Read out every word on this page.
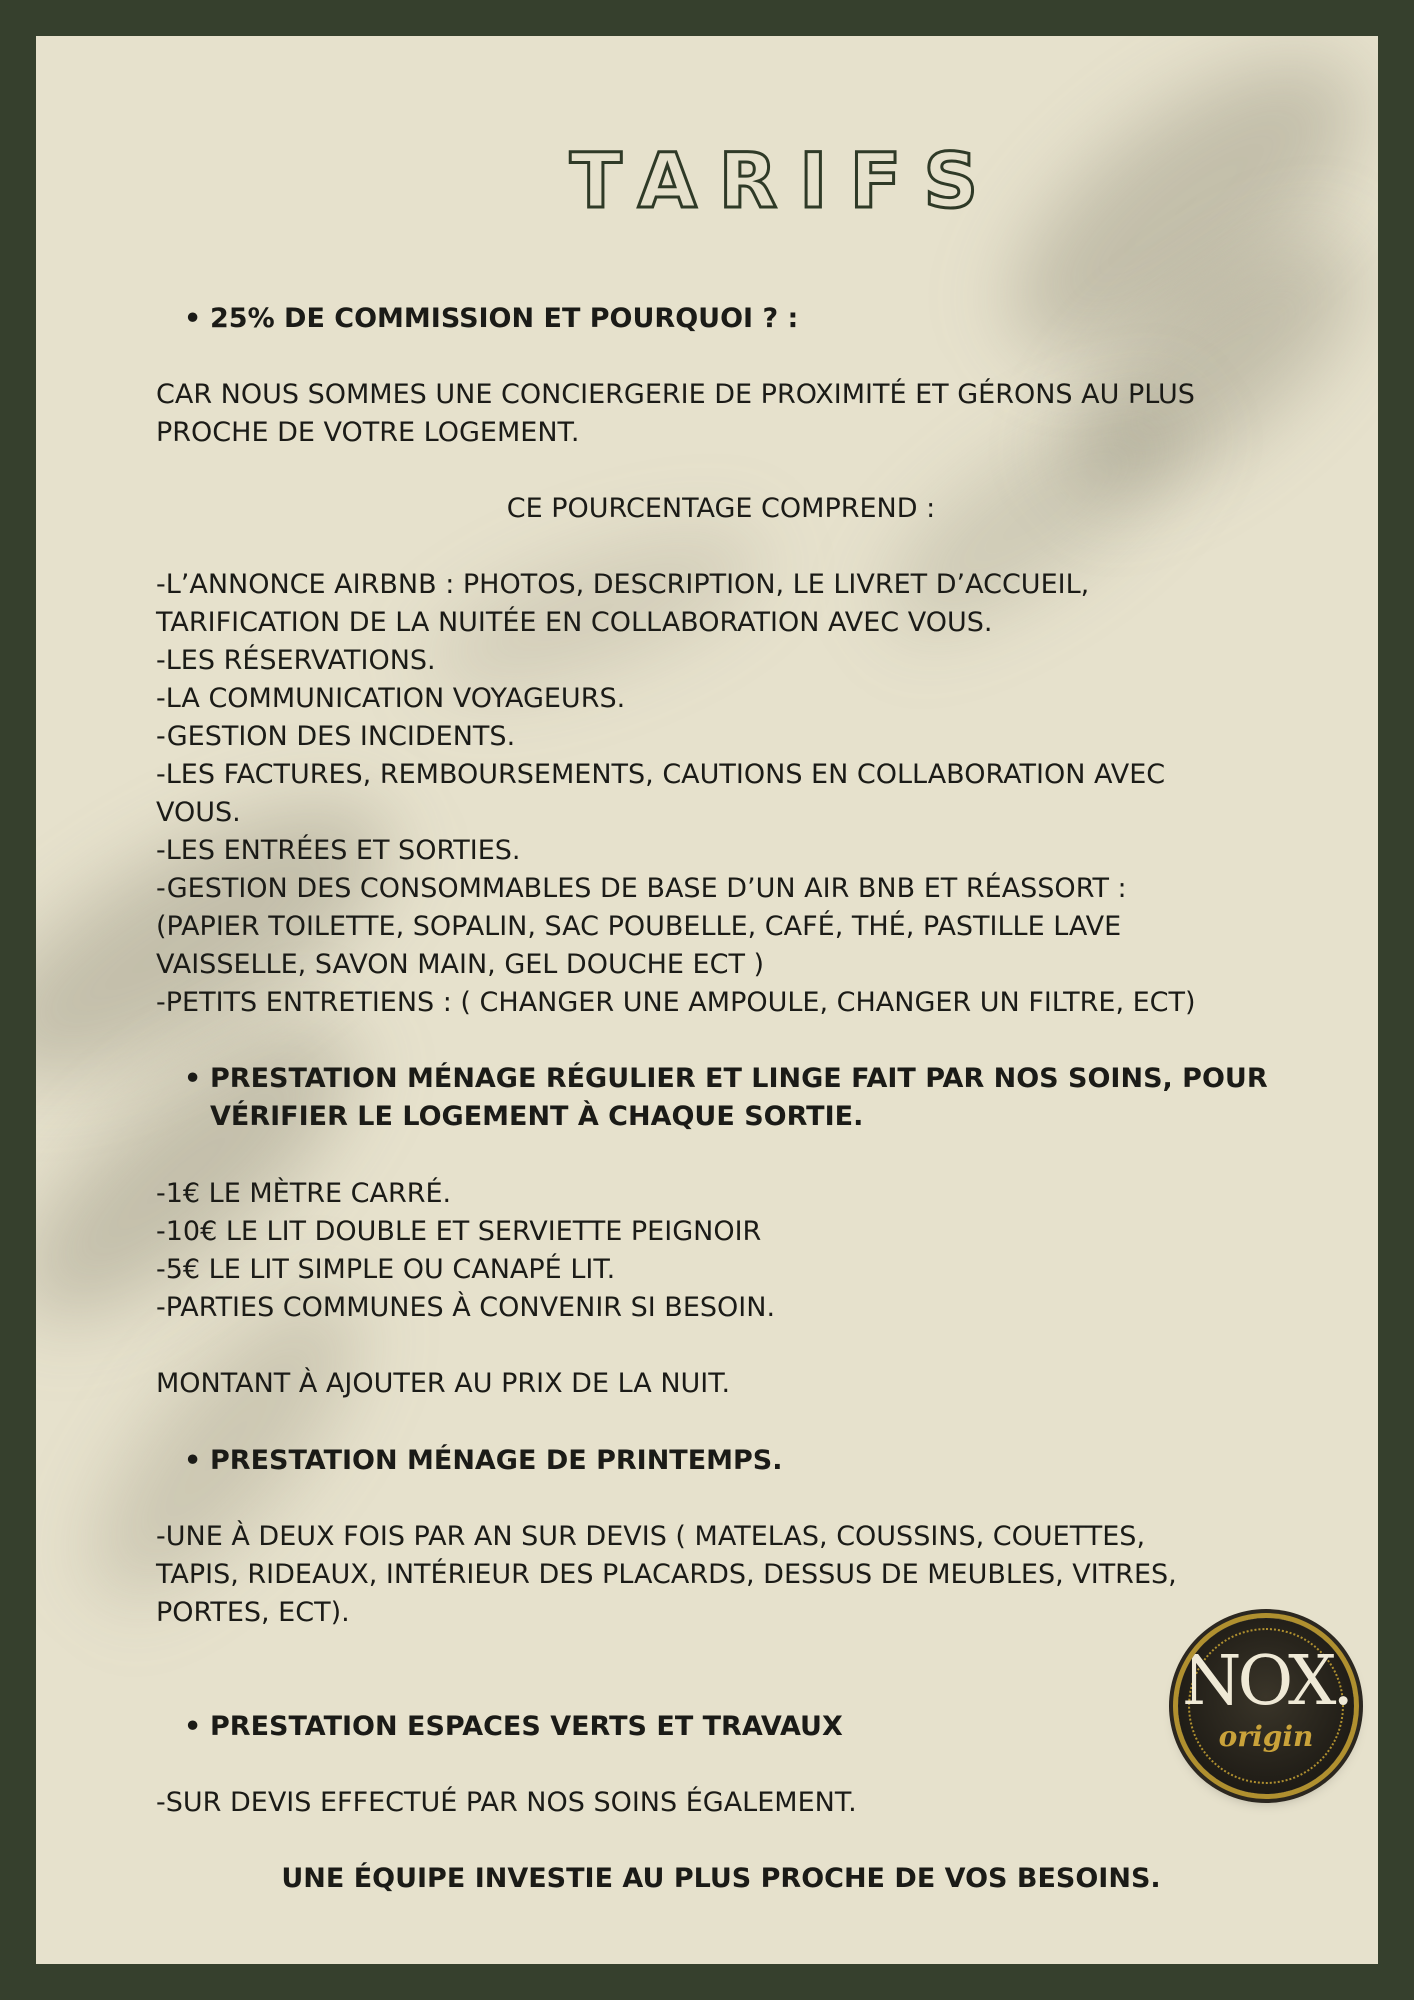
TARIFS
• 25% DE COMMISSION ET POURQUOI ? :
CAR NOUS SOMMES UNE CONCIERGERIE DE PROXIMITÉ ET GÉRONS AU PLUS
PROCHE DE VOTRE LOGEMENT.
CE POURCENTAGE COMPREND :
-L’ANNONCE AIRBNB : PHOTOS, DESCRIPTION, LE LIVRET D’ACCUEIL,
TARIFICATION DE LA NUITÉE EN COLLABORATION AVEC VOUS.
-LES RÉSERVATIONS.
-LA COMMUNICATION VOYAGEURS.
-GESTION DES INCIDENTS.
-LES FACTURES, REMBOURSEMENTS, CAUTIONS EN COLLABORATION AVEC
VOUS.
-LES ENTRÉES ET SORTIES.
-GESTION DES CONSOMMABLES DE BASE D’UN AIR BNB ET RÉASSORT :
(PAPIER TOILETTE, SOPALIN, SAC POUBELLE, CAFÉ, THÉ, PASTILLE LAVE
VAISSELLE, SAVON MAIN, GEL DOUCHE ECT )
-PETITS ENTRETIENS : ( CHANGER UNE AMPOULE, CHANGER UN FILTRE, ECT)
• PRESTATION MÉNAGE RÉGULIER ET LINGE FAIT PAR NOS SOINS, POUR
VÉRIFIER LE LOGEMENT À CHAQUE SORTIE.
-1€ LE MÈTRE CARRÉ.
-10€ LE LIT DOUBLE ET SERVIETTE PEIGNOIR
-5€ LE LIT SIMPLE OU CANAPÉ LIT.
-PARTIES COMMUNES À CONVENIR SI BESOIN.
MONTANT À AJOUTER AU PRIX DE LA NUIT.
• PRESTATION MÉNAGE DE PRINTEMPS.
-UNE À DEUX FOIS PAR AN SUR DEVIS ( MATELAS, COUSSINS, COUETTES,
TAPIS, RIDEAUX, INTÉRIEUR DES PLACARDS, DESSUS DE MEUBLES, VITRES,
PORTES, ECT).
• PRESTATION ESPACES VERTS ET TRAVAUX
-SUR DEVIS EFFECTUÉ PAR NOS SOINS ÉGALEMENT.
UNE ÉQUIPE INVESTIE AU PLUS PROCHE DE VOS BESOINS.
NOX.
origin
